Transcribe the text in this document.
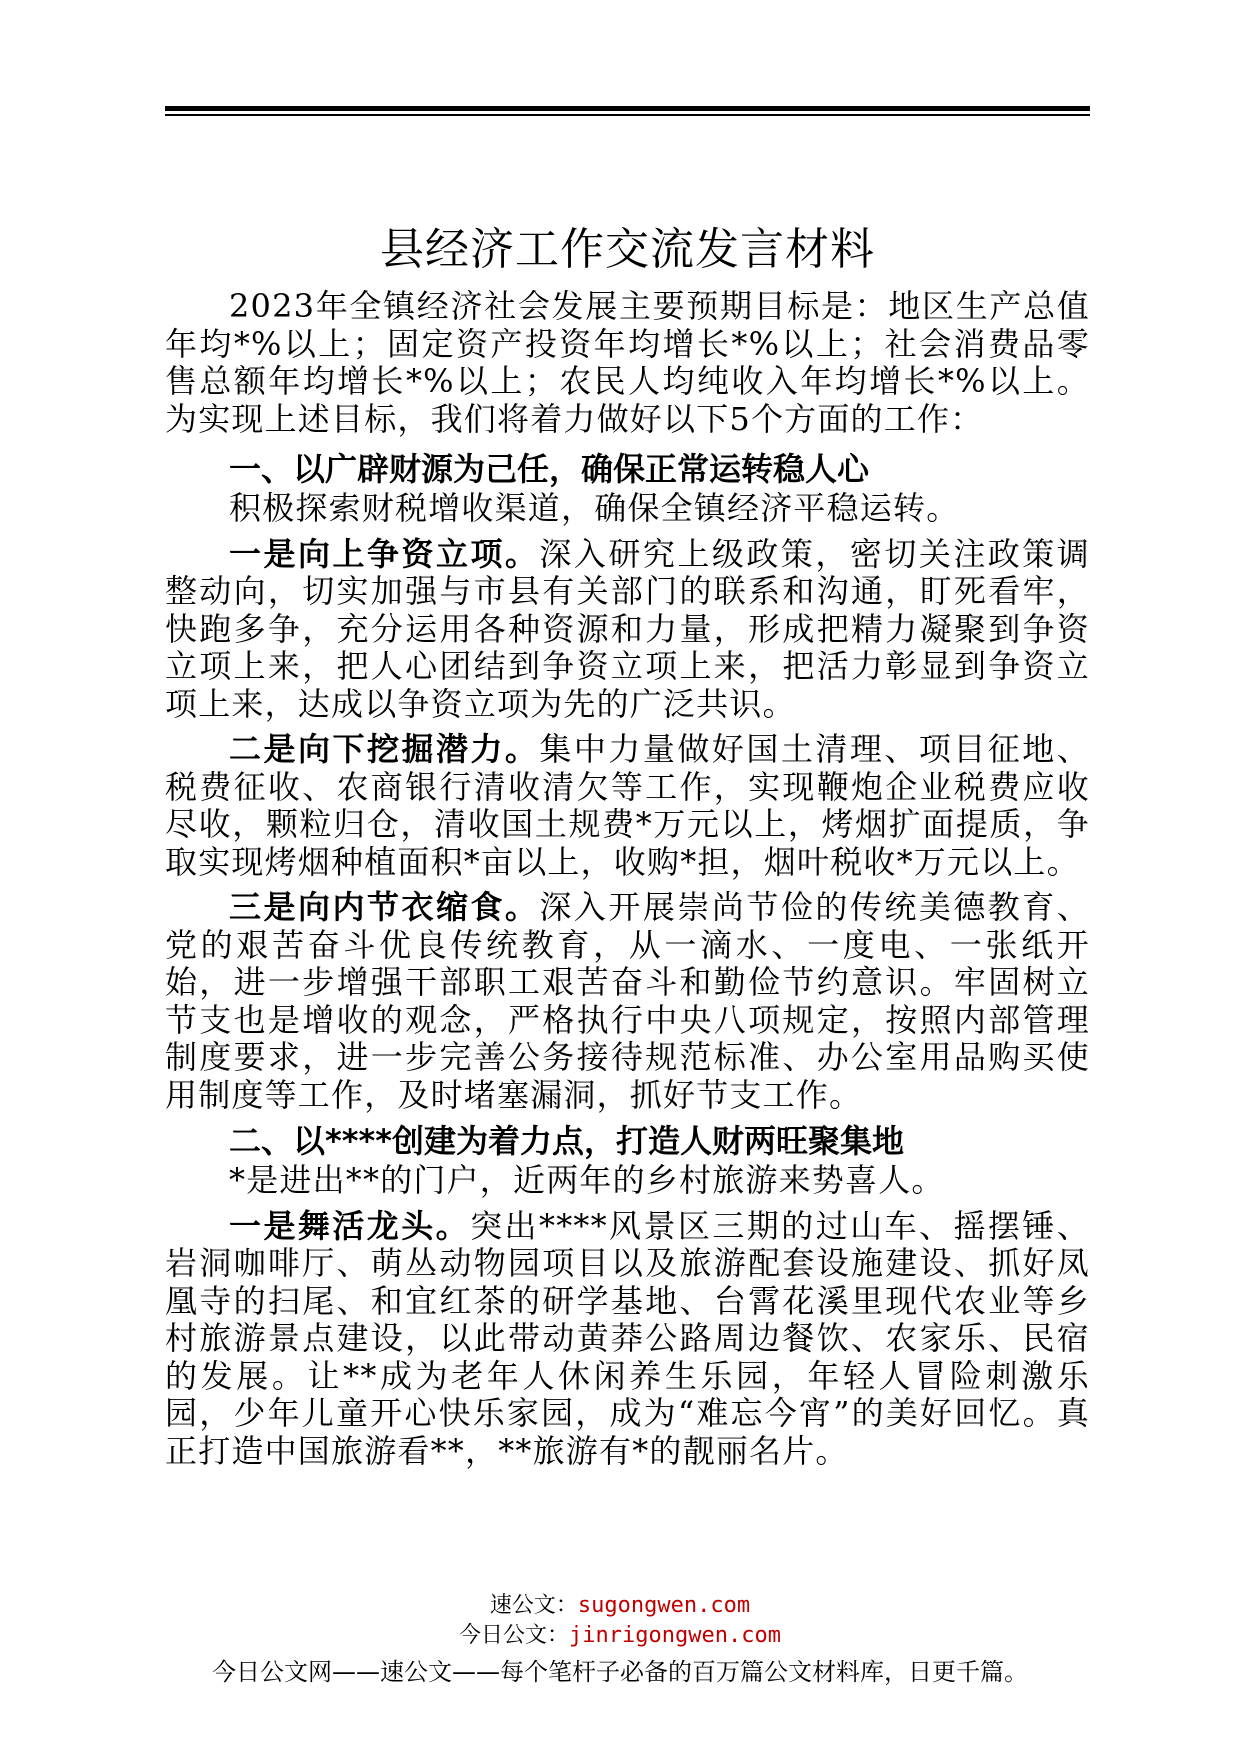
县经济工作交流发言材料

2023年全镇经济社会发展主要预期目标是：地区生产总值年均*%以上；固定资产投资年均增长*%以上；社会消费品零售总额年均增长*%以上；农民人均纯收入年均增长*%以上。为实现上述目标，我们将着力做好以下5个方面的工作：

一、以广辟财源为己任，确保正常运转稳人心

积极探索财税增收渠道，确保全镇经济平稳运转。

一是向上争资立项。深入研究上级政策，密切关注政策调整动向，切实加强与市县有关部门的联系和沟通，盯死看牢，快跑多争，充分运用各种资源和力量，形成把精力凝聚到争资立项上来，把人心团结到争资立项上来，把活力彰显到争资立项上来，达成以争资立项为先的广泛共识。

二是向下挖掘潜力。集中力量做好国土清理、项目征地、税费征收、农商银行清收清欠等工作，实现鞭炮企业税费应收尽收，颗粒归仓，清收国土规费*万元以上，烤烟扩面提质，争取实现烤烟种植面积*亩以上，收购*担，烟叶税收*万元以上。

三是向内节衣缩食。深入开展崇尚节俭的传统美德教育、党的艰苦奋斗优良传统教育，从一滴水、一度电、一张纸开始，进一步增强干部职工艰苦奋斗和勤俭节约意识。牢固树立节支也是增收的观念，严格执行中央八项规定，按照内部管理制度要求，进一步完善公务接待规范标准、办公室用品购买使用制度等工作，及时堵塞漏洞，抓好节支工作。

二、以****创建为着力点，打造人财两旺聚集地

*是进出**的门户，近两年的乡村旅游来势喜人。

一是舞活龙头。突出****风景区三期的过山车、摇摆锤、岩洞咖啡厅、萌丛动物园项目以及旅游配套设施建设、抓好凤凰寺的扫尾、和宜红茶的研学基地、台霄花溪里现代农业等乡村旅游景点建设，以此带动黄莽公路周边餐饮、农家乐、民宿的发展。让**成为老年人休闲养生乐园，年轻人冒险刺激乐园，少年儿童开心快乐家园，成为“难忘今宵”的美好回忆。真正打造中国旅游看**，**旅游有*的靓丽名片。

速公文：sugongwen.com
今日公文：jinrigongwen.com
今日公文网——速公文——每个笔杆子必备的百万篇公文材料库，日更千篇。
